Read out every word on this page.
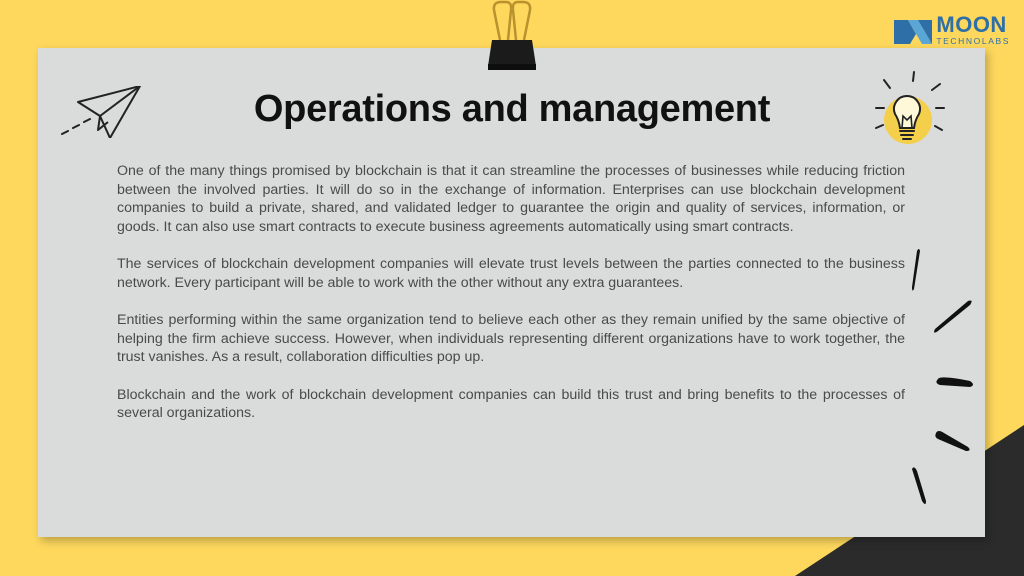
MOON
TECHNOLABS
Operations and management

One of the many things promised by blockchain is that it can streamline the processes of businesses while reducing friction between the involved parties. It will do so in the exchange of information. Enterprises can use blockchain development companies to build a private, shared, and validated ledger to guarantee the origin and quality of services, information, or goods. It can also use smart contracts to execute business agreements automatically using smart contracts.

The services of blockchain development companies will elevate trust levels between the parties connected to the business network. Every participant will be able to work with the other without any extra guarantees.

Entities performing within the same organization tend to believe each other as they remain unified by the same objective of helping the firm achieve success. However, when individuals representing different organizations have to work together, the trust vanishes. As a result, collaboration difficulties pop up.

Blockchain and the work of blockchain development companies can build this trust and bring benefits to the processes of several organizations.
